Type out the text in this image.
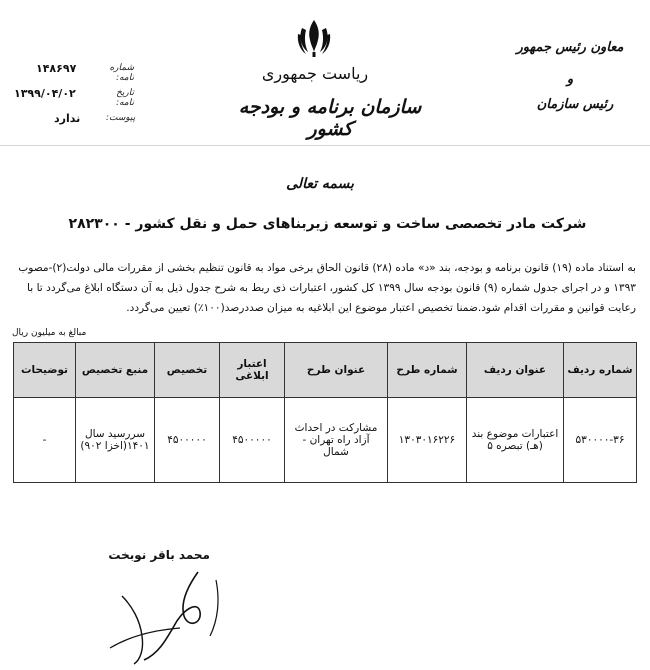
۱۴۸۶۹۷	شماره نامه:
۱۳۹۹/۰۴/۰۲	تاریخ نامه:
ندارد	پیوست:
ریاست جمهوری
سازمان برنامه و بودجه کشور
معاون رئیس جمهور
و
رئیس سازمان
بسمه تعالی
شرکت مادر تخصصی ساخت و توسعه زیربناهای حمل و نقل کشور - ۲۸۲۳۰۰
به استناد ماده (۱۹) قانون برنامه و بودجه، بند «د» ماده (۲۸) قانون الحاق برخی مواد به قانون تنظیم بخشی از مقررات مالی دولت(۲)-مصوب
۱۳۹۳ و در اجرای جدول شماره (۹) قانون بودجه سال ۱۳۹۹ کل کشور، اعتبارات ذی ربط به شرح جدول ذیل به آن دستگاه ابلاغ می‌گردد تا با
رعایت قوانین و مقررات اقدام شود.ضمنا تخصیص اعتبار موضوع این ابلاغیه به میزان صددرصد(۱۰۰٪) تعیین می‌گردد.
مبالغ به میلیون ریال
شماره ردیف	عنوان ردیف	شماره طرح	عنوان طرح	اعتبار ابلاغی	تخصیص	منبع تخصیص	توضیحات
۵۳۰۰۰۰-۳۶	اعتبارات موضوع بند (هـ) تبصره ۵	۱۳۰۳۰۱۶۲۲۶	مشارکت در احداث آزاد راه تهران - شمال	۴۵۰۰۰۰۰	۴۵۰۰۰۰۰	سررسید سال ۱۴۰۱(اخزا ۹۰۲)	-
محمد باقر نوبخت
